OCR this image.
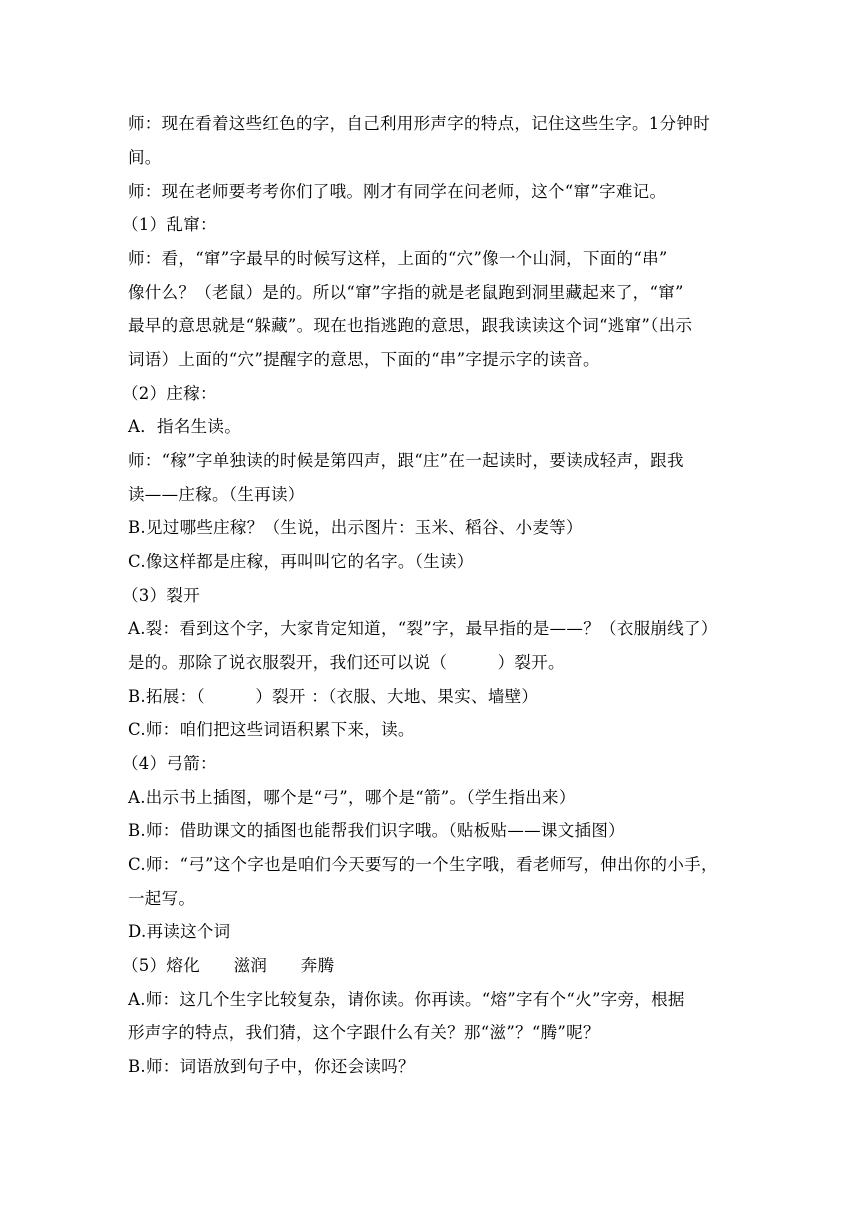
师：现在看着这些红色的字，自己利用形声字的特点，记住这些生字。1分钟时
间。
师：现在老师要考考你们了哦。刚才有同学在问老师，这个“窜”字难记。
（1）乱窜：
师：看，“窜”字最早的时候写这样，上面的“穴”像一个山洞，下面的“串”
像什么？（老鼠）是的。所以“窜”字指的就是老鼠跑到洞里藏起来了，“窜”
最早的意思就是“躲藏”。现在也指逃跑的意思，跟我读读这个词“逃窜”（出示
词语）上面的“穴”提醒字的意思，下面的“串”字提示字的读音。
（2）庄稼：
A．指名生读。
师：“稼”字单独读的时候是第四声，跟“庄”在一起读时，要读成轻声，跟我
读——庄稼。（生再读）
B.见过哪些庄稼？（生说，出示图片：玉米、稻谷、小麦等）
C.像这样都是庄稼，再叫叫它的名字。（生读）
（3）裂开
A.裂：看到这个字，大家肯定知道，“裂”字，最早指的是——？（衣服崩线了）
是的。那除了说衣服裂开，我们还可以说（　　　）裂开。
B.拓展：（　　　）裂开 ：（衣服、大地、果实、墙壁）
C.师：咱们把这些词语积累下来，读。
（4）弓箭：
A.出示书上插图，哪个是“弓”，哪个是“箭”。（学生指出来）
B.师：借助课文的插图也能帮我们识字哦。（贴板贴——课文插图）
C.师：“弓”这个字也是咱们今天要写的一个生字哦，看老师写，伸出你的小手，
一起写。
D.再读这个词
（5）熔化　　滋润　　奔腾
A.师：这几个生字比较复杂，请你读。你再读。“熔”字有个“火”字旁，根据
形声字的特点，我们猜，这个字跟什么有关？那“滋”？“腾”呢？
B.师：词语放到句子中，你还会读吗？
